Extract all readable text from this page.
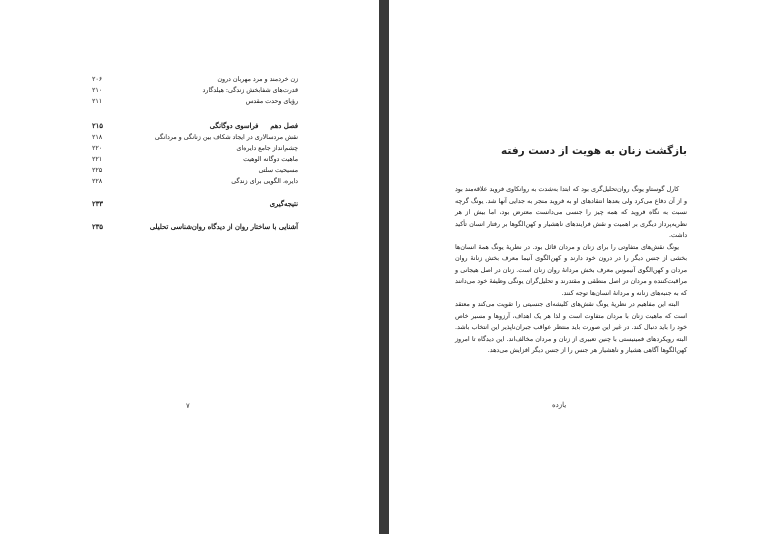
زن خردمند و مرد مهربان درون
۲۰۶
قدرت‌های شفابخش زندگی: هیلدگارد
۲۱۰
رؤیای وحدت مقدس
۲۱۱
فصل دهم     فراسوی دوگانگی
۲۱۵
نقش مردسالاری در ایجاد شکاف بین زنانگی و مردانگی
۲۱۸
چشم‌انداز جامع دایره‌ای
۲۲۰
ماهیت دوگانه الوهیت
۲۲۱
مسیحیت سلتی
۲۲۵
دایره، الگویی برای زندگی
۲۲۸
نتیجه‌گیری
۲۳۳
آشنایی با ساختار روان از دیدگاه روان‌شناسی تحلیلی
۲۳۵
۷
بازگشت زنان به هویت از دست رفته

کارل گوستاو یونگ روان‌تحلیل‌گری بود که ابتدا به‌شدت به روانکاوی فروید علاقه‌مند بود و از آن دفاع می‌کرد ولی بعدها انتقادهای او به فروید منجر به جدایی آنها شد. یونگ گرچه نسبت به نگاه فروید که همه چیز را جنسی می‌دانست معترض بود، اما بیش از هر نظریه‌پرداز دیگری بر اهمیت و نقش فرایندهای ناهشیار و کهن‌الگوها بر رفتار انسان تأکید داشت.

یونگ نقش‌های متفاوتی را برای زنان و مردان قائل بود. در نظریهٔ یونگ همهٔ انسان‌ها بخشی از جنس دیگر را در درون خود دارند و کهن‌الگوی آنیما معرف بخش زنانهٔ روان مردان و کهن‌الگوی آنیموس معرف بخش مردانهٔ روان زنان است. زنان در اصل هیجانی و مراقبت‌کننده و مردان در اصل منطقی و مقتدرند و تحلیل‌گران یونگی وظیفهٔ خود می‌دانند که به جنبه‌های زنانه و مردانهٔ انسان‌ها توجه کنند.

البته این مفاهیم در نظریهٔ یونگ نقش‌های کلیشه‌ای جنسیتی را تقویت می‌کند و معتقد است که ماهیت زنان با مردان متفاوت است و لذا هر یک اهداف، آرزوها و مسیر خاص خود را باید دنبال کند. در غیر این صورت باید منتظر عواقب جبران‌ناپذیر این انتخاب باشد. البته رویکردهای فمینیستی با چنین تعبیری از زنان و مردان مخالف‌اند. این دیدگاه تا امروز کهن‌الگوها آگاهی هشیار و ناهشیار هر جنس را از جنس دیگر افزایش می‌دهد.

یازده
